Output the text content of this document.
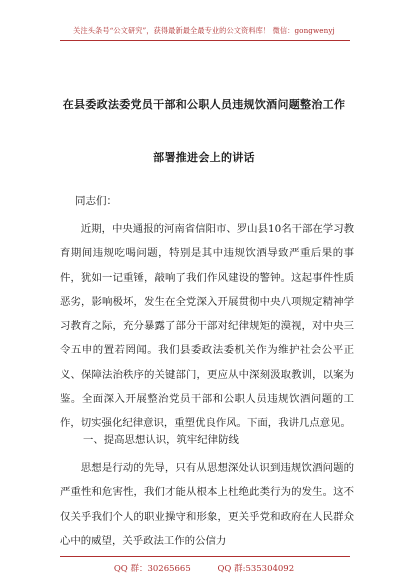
关注头条号“公文研究”，获得最新最全最专业的公文资料库！ 微信：gongwenyj
在县委政法委党员干部和公职人员违规饮酒问题整治工作
部署推进会上的讲话
同志们：

近期，中央通报的河南省信阳市、罗山县10名干部在学习教育期间违规吃喝问题，特别是其中违规饮酒导致严重后果的事件，犹如一记重锤，敲响了我们作风建设的警钟。这起事件性质恶劣，影响极坏，发生在全党深入开展贯彻中央八项规定精神学习教育之际，充分暴露了部分干部对纪律规矩的漠视，对中央三令五申的置若罔闻。我们县委政法委机关作为维护社会公平正义、保障法治秩序的关键部门，更应从中深刻汲取教训，以案为鉴。全面深入开展整治党员干部和公职人员违规饮酒问题的工作，切实强化纪律意识，重塑优良作风。下面，我讲几点意见。

一、提高思想认识，筑牢纪律防线

思想是行动的先导，只有从思想深处认识到违规饮酒问题的严重性和危害性，我们才能从根本上杜绝此类行为的发生。这不仅关乎我们个人的职业操守和形象，更关乎党和政府在人民群众心中的威望，关乎政法工作的公信力

QQ 群：30265665	QQ 群:535304092
